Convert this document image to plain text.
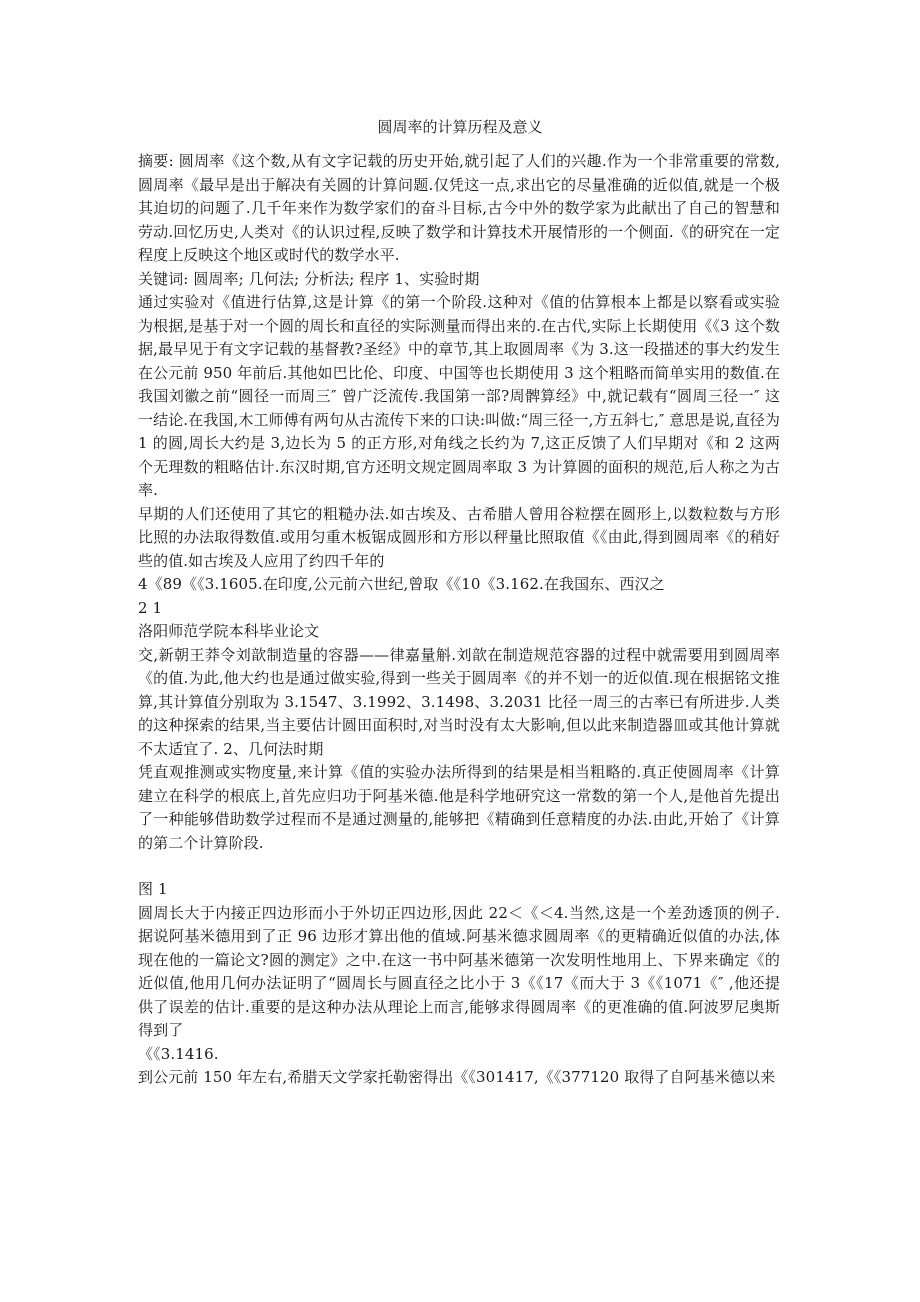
圆周率的计算历程及意义

摘要: 圆周率《这个数,从有文字记载的历史开始,就引起了人们的兴趣.作为一个非常重要的常数,圆周率《最早是出于解决有关圆的计算问题.仅凭这一点,求出它的尽量准确的近似值,就是一个极其迫切的问题了.几千年来作为数学家们的奋斗目标,古今中外的数学家为此献出了自己的智慧和劳动.回忆历史,人类对《的认识过程,反映了数学和计算技术开展情形的一个侧面.《的研究在一定程度上反映这个地区或时代的数学水平.

关键词: 圆周率; 几何法; 分析法; 程序 1、实验时期

通过实验对《值进行估算,这是计算《的第一个阶段.这种对《值的估算根本上都是以察看或实验为根据,是基于对一个圆的周长和直径的实际测量而得出来的.在古代,实际上长期使用《《3 这个数据,最早见于有文字记载的基督教?圣经》中的章节,其上取圆周率《为 3.这一段描述的事大约发生在公元前 950 年前后.其他如巴比伦、印度、中国等也长期使用 3 这个粗略而简单实用的数值.在我国刘徽之前“圆径一而周三″ 曾广泛流传.我国第一部?周髀算经》中,就记载有“圆周三径一″ 这一结论.在我国,木工师傅有两句从古流传下来的口诀:叫做:“周三径一,方五斜七,″ 意思是说,直径为 1 的圆,周长大约是 3,边长为 5 的正方形,对角线之长约为 7,这正反馈了人们早期对《和 2 这两个无理数的粗略估计.东汉时期,官方还明文规定圆周率取 3 为计算圆的面积的规范,后人称之为古率.

早期的人们还使用了其它的粗糙办法.如古埃及、古希腊人曾用谷粒摆在圆形上,以数粒数与方形比照的办法取得数值.或用匀重木板锯成圆形和方形以秤量比照取值《《由此,得到圆周率《的稍好些的值.如古埃及人应用了约四千年的

4《89《《3.1605.在印度,公元前六世纪,曾取《《10《3.162.在我国东、西汉之

2 1

洛阳师范学院本科毕业论文

交,新朝王莽令刘歆制造量的容器——律嘉量斛.刘歆在制造规范容器的过程中就需要用到圆周率《的值.为此,他大约也是通过做实验,得到一些关于圆周率《的并不划一的近似值.现在根据铭文推算,其计算值分别取为 3.1547、3.1992、3.1498、3.2031 比径一周三的古率已有所进步.人类的这种探索的结果,当主要估计圆田面积时,对当时没有太大影响,但以此来制造器皿或其他计算就不太适宜了. 2、几何法时期

凭直观推测或实物度量,来计算《值的实验办法所得到的结果是相当粗略的.真正使圆周率《计算建立在科学的根底上,首先应归功于阿基米德.他是科学地研究这一常数的第一个人,是他首先提出了一种能够借助数学过程而不是通过测量的,能够把《精确到任意精度的办法.由此,开始了《计算的第二个计算阶段.

图 1

圆周长大于内接正四边形而小于外切正四边形,因此 22＜《＜4.当然,这是一个差劲透顶的例子.据说阿基米德用到了正 96 边形才算出他的值域.阿基米德求圆周率《的更精确近似值的办法,体现在他的一篇论文?圆的测定》之中.在这一书中阿基米德第一次发明性地用上、下界来确定《的近似值,他用几何办法证明了“圆周长与圆直径之比小于 3《《17《而大于 3《《1071《″ ,他还提供了误差的估计.重要的是这种办法从理论上而言,能够求得圆周率《的更准确的值.阿波罗尼奥斯得到了

《《3.1416.

到公元前 150 年左右,希腊天文学家托勒密得出《《301417,《《377120 取得了自阿基米德以来
